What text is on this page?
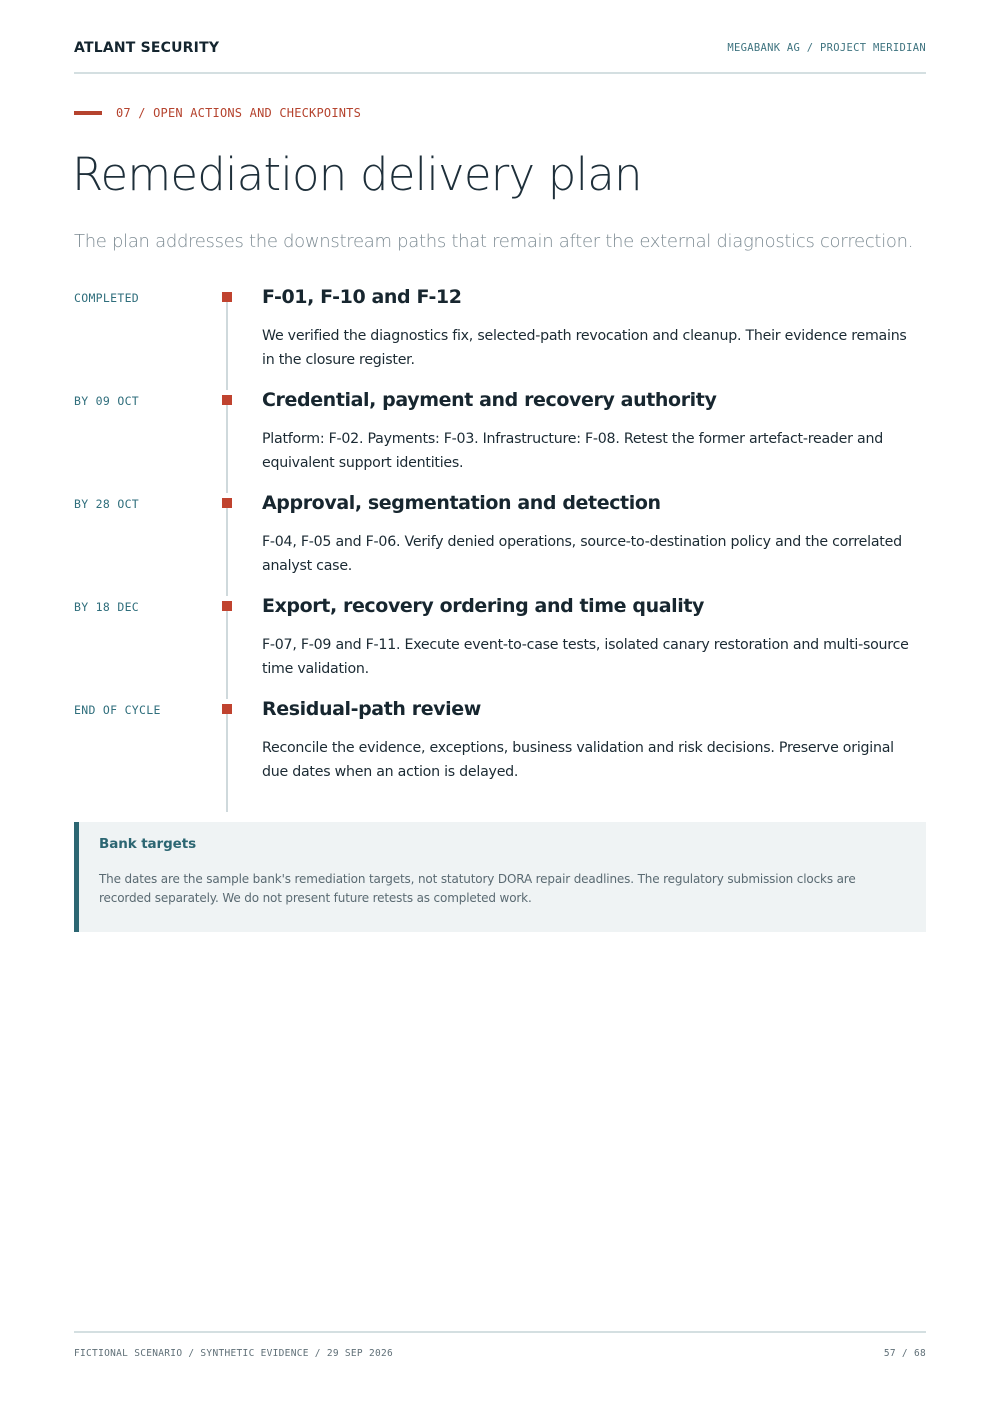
ATLANT SECURITY	MEGABANK AG / PROJECT MERIDIAN
07 / OPEN ACTIONS AND CHECKPOINTS
Remediation delivery plan

The plan addresses the downstream paths that remain after the external diagnostics correction.

COMPLETED	F-01, F-10 and F-12

We verified the diagnostics fix, selected-path revocation and cleanup. Their evidence remains in the closure register.

BY 09 OCT	Credential, payment and recovery authority

Platform: F-02. Payments: F-03. Infrastructure: F-08. Retest the former artefact-reader and equivalent support identities.

BY 28 OCT	Approval, segmentation and detection

F-04, F-05 and F-06. Verify denied operations, source-to-destination policy and the correlated analyst case.

BY 18 DEC	Export, recovery ordering and time quality

F-07, F-09 and F-11. Execute event-to-case tests, isolated canary restoration and multi-source time validation.

END OF CYCLE	Residual-path review

Reconcile the evidence, exceptions, business validation and risk decisions. Preserve original due dates when an action is delayed.

Bank targets

The dates are the sample bank's remediation targets, not statutory DORA repair deadlines. The regulatory submission clocks are recorded separately. We do not present future retests as completed work.

FICTIONAL SCENARIO / SYNTHETIC EVIDENCE / 29 SEP 2026	57 / 68
